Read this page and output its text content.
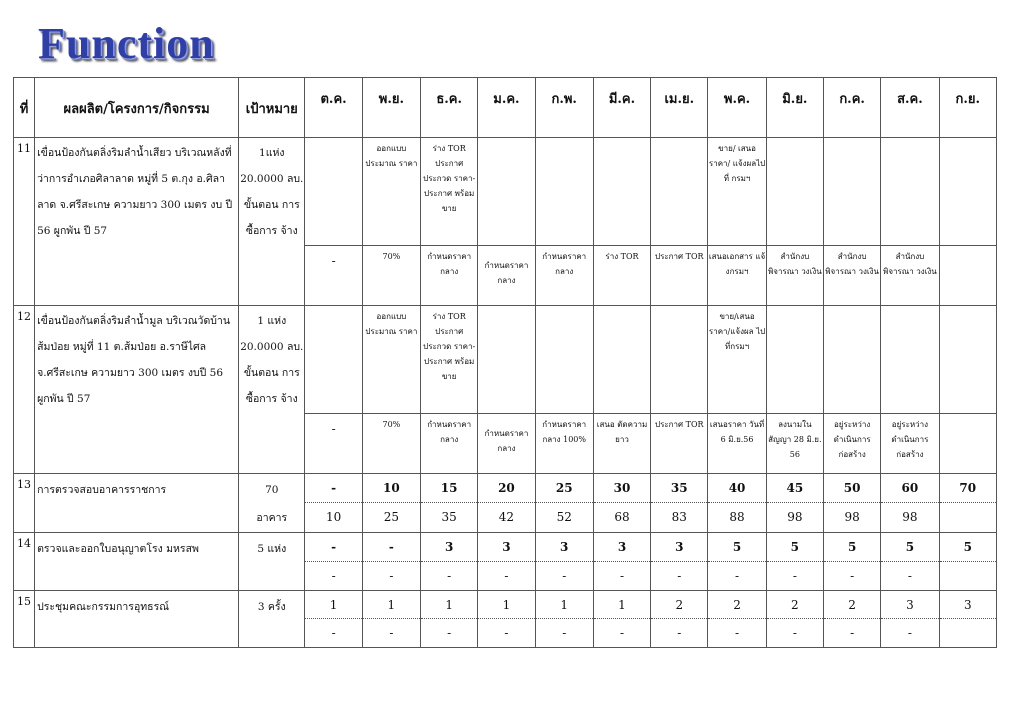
Function
ที่	ผลผลิต/โครงการ/กิจกรรม	เป้าหมาย	ต.ค.	พ.ย.	ธ.ค.	ม.ค.	ก.พ.	มี.ค.	เม.ย.	พ.ค.	มิ.ย.	ก.ค.	ส.ค.	ก.ย.
11	เขื่อนป้องกันตลิ่งริมลำน้ำเสียว บริเวณหลังที่ว่าการอำเภอศิลาลาด หมู่ที่ 5 ต.กุง อ.ศิลาลาด จ.ศรีสะเกษ ความยาว 300 เมตร งบ ปี 56 ผูกพัน ปี 57	1แห่ง 20.0000 ลบ. ขั้นตอน การซื้อการ จ้าง		ออกแบบ ประมาณ ราคา	ร่าง TOR ประกาศ ประกวด ราคา- ประกาศ พร้อมขาย					ขาย/ เสนอราคา/ แจ้งผลไปที่ กรมฯ				
			-	70%	กำหนดราคา กลาง	กำหนดราคา กลาง	กำหนดราคา กลาง	ร่าง TOR	ประกาศ TOR	เสนอเอกสาร แจ้งกรมฯ	สำนักงบ พิจารณา วงเงิน	สำนักงบ พิจารณา วงเงิน	สำนักงบ พิจารณา วงเงิน	
12	เขื่อนป้องกันตลิ่งริมลำน้ำมูล บริเวณวัดบ้านส้มป่อย หมู่ที่ 11 ต.ส้มป่อย อ.ราษีไศล จ.ศรีสะเกษ ความยาว 300 เมตร งบปี 56 ผูกพัน ปี 57	1 แห่ง 20.0000 ลบ. ขั้นตอน การซื้อการ จ้าง		ออกแบบ ประมาณ ราคา	ร่าง TOR ประกาศ ประกวด ราคา- ประกาศ พร้อมขาย					ขาย/เสนอ ราคา/แจ้งผล ไปที่กรมฯ				
			-	70%	กำหนดราคา กลาง	กำหนดราคา กลาง	กำหนดราคา กลาง 100%	เสนอ ตัดความยาว	ประกาศ TOR	เสนอราคา วันที่ 6 มิ.ย.56	ลงนามใน สัญญา 28 มิ.ย. 56	อยู่ระหว่าง ดำเนินการ ก่อสร้าง	อยู่ระหว่าง ดำเนินการ ก่อสร้าง	
13	การตรวจสอบอาคารราชการ	70 อาคาร	-	10	15	20	25	30	35	40	45	50	60	70
			10	25	35	42	52	68	83	88	98	98	98	
14	ตรวจและออกใบอนุญาตโรง มหรสพ	5 แห่ง	-	-	3	3	3	3	3	5	5	5	5	5
			-	-	-	-	-	-	-	-	-	-	-	
15	ประชุมคณะกรรมการอุทธรณ์	3 ครั้ง	1	1	1	1	1	1	2	2	2	2	3	3
			-	-	-	-	-	-	-	-	-	-	-	
